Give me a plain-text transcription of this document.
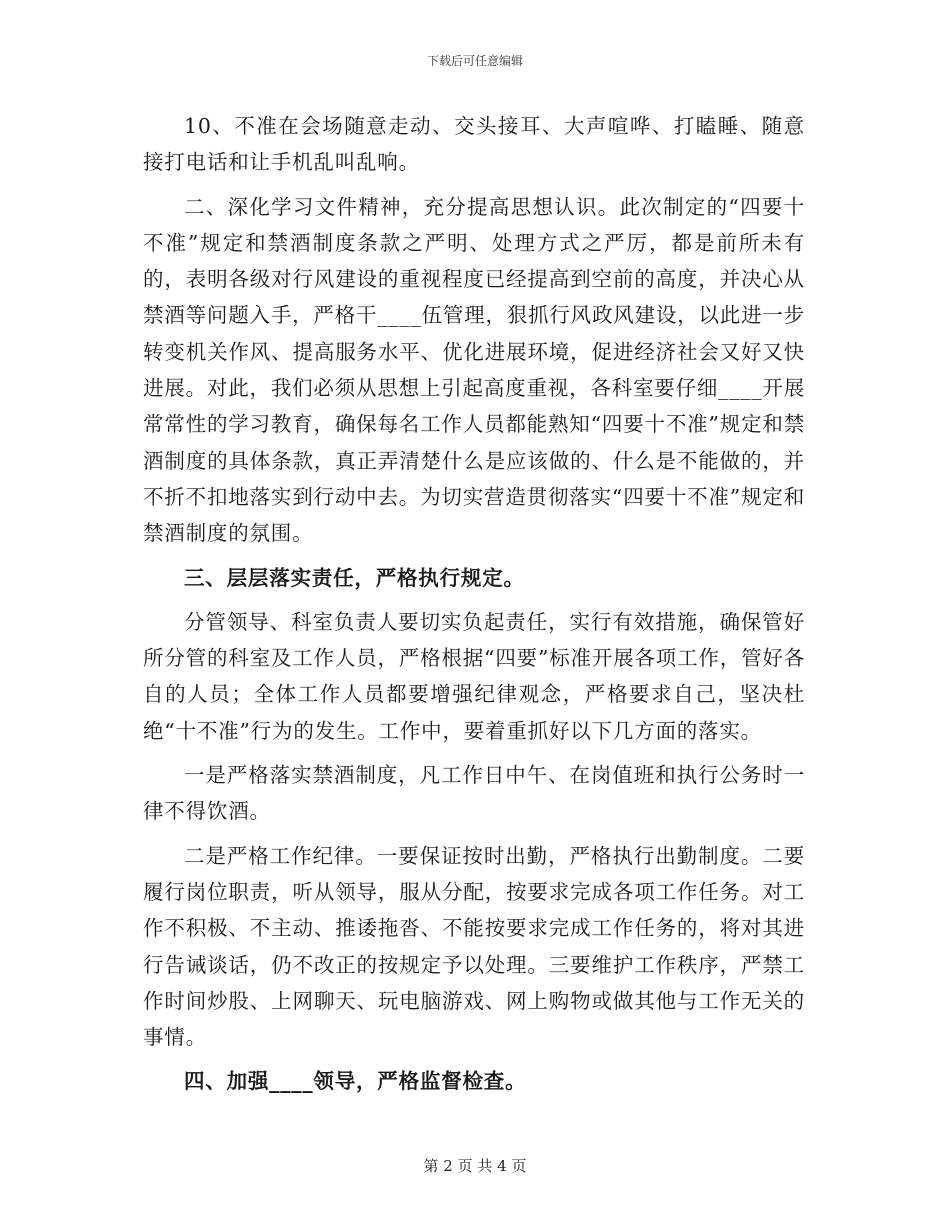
下载后可任意编辑

10、不准在会场随意走动、交头接耳、大声喧哗、打瞌睡、随意接打电话和让手机乱叫乱响。

二、深化学习文件精神，充分提高思想认识。此次制定的“四要十不准”规定和禁酒制度条款之严明、处理方式之严厉，都是前所未有的，表明各级对行风建设的重视程度已经提高到空前的高度，并决心从禁酒等问题入手，严格干____伍管理，狠抓行风政风建设，以此进一步转变机关作风、提高服务水平、优化进展环境，促进经济社会又好又快进展。对此，我们必须从思想上引起高度重视，各科室要仔细____开展常常性的学习教育，确保每名工作人员都能熟知“四要十不准”规定和禁酒制度的具体条款，真正弄清楚什么是应该做的、什么是不能做的，并不折不扣地落实到行动中去。为切实营造贯彻落实“四要十不准”规定和禁酒制度的氛围。

三、层层落实责任，严格执行规定。

分管领导、科室负责人要切实负起责任，实行有效措施，确保管好所分管的科室及工作人员，严格根据“四要”标准开展各项工作，管好各自的人员；全体工作人员都要增强纪律观念，严格要求自己，坚决杜绝“十不准”行为的发生。工作中，要着重抓好以下几方面的落实。

一是严格落实禁酒制度，凡工作日中午、在岗值班和执行公务时一律不得饮酒。

二是严格工作纪律。一要保证按时出勤，严格执行出勤制度。二要履行岗位职责，听从领导，服从分配，按要求完成各项工作任务。对工作不积极、不主动、推诿拖沓、不能按要求完成工作任务的，将对其进行告诫谈话，仍不改正的按规定予以处理。三要维护工作秩序，严禁工作时间炒股、上网聊天、玩电脑游戏、网上购物或做其他与工作无关的事情。

四、加强____领导，严格监督检查。

第 2 页 共 4 页
